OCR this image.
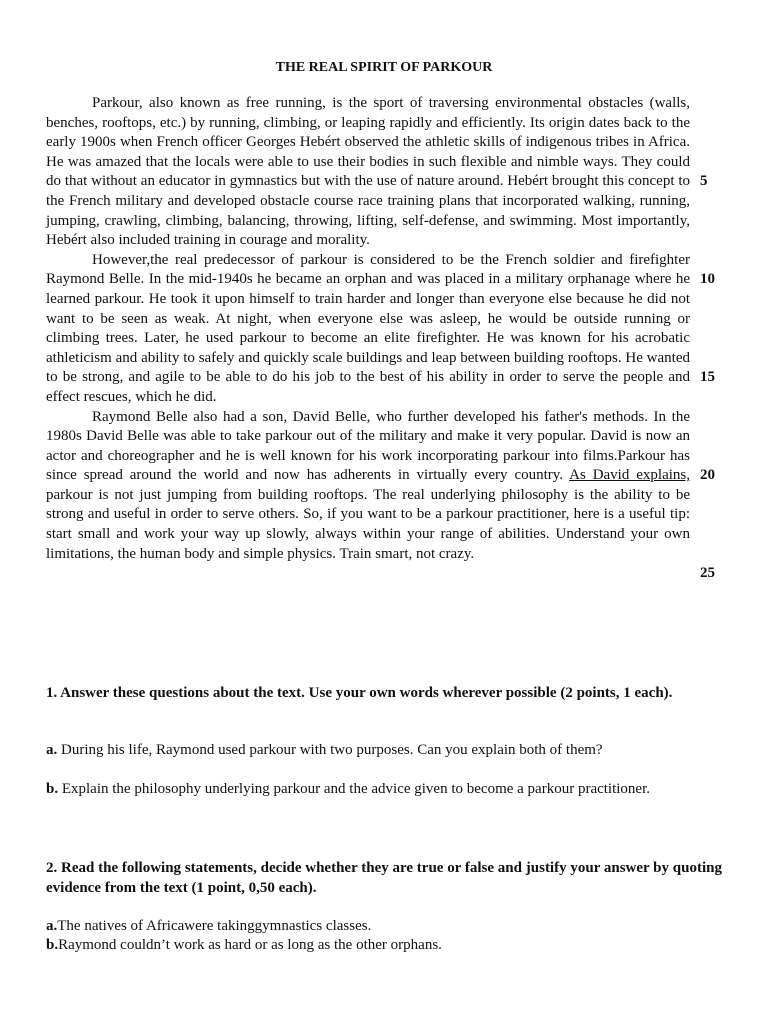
THE REAL SPIRIT OF PARKOUR

Parkour, also known as free running, is the sport of traversing environmental obstacles (walls, benches, rooftops, etc.) by running, climbing, or leaping rapidly and efficiently. Its origin dates back to the early 1900s when French officer Georges Hebért observed the athletic skills of indigenous tribes in Africa. He was amazed that the locals were able to use their bodies in such flexible and nimble ways. They could do that without an educator in gymnastics but with the use of nature around. Hebért brought this concept to the French military and developed obstacle course race training plans that incorporated walking, running, jumping, crawling, climbing, balancing, throwing, lifting, self-defense, and swimming. Most importantly, Hebért also included training in courage and morality.

However,the real predecessor of parkour is considered to be the French soldier and firefighter Raymond Belle. In the mid-1940s he became an orphan and was placed in a military orphanage where he learned parkour. He took it upon himself to train harder and longer than everyone else because he did not want to be seen as weak. At night, when everyone else was asleep, he would be outside running or climbing trees. Later, he used parkour to become an elite firefighter. He was known for his acrobatic athleticism and ability to safely and quickly scale buildings and leap between building rooftops. He wanted to be strong, and agile to be able to do his job to the best of his ability in order to serve the people and effect rescues, which he did.

Raymond Belle also had a son, David Belle, who further developed his father's methods. In the 1980s David Belle was able to take parkour out of the military and make it very popular. David is now an actor and choreographer and he is well known for his work incorporating parkour into films.Parkour has since spread around the world and now has adherents in virtually every country. As David explains, parkour is not just jumping from building rooftops. The real underlying philosophy is the ability to be strong and useful in order to serve others. So, if you want to be a parkour practitioner, here is a useful tip: start small and work your way up slowly, always within your range of abilities. Understand your own limitations, the human body and simple physics. Train smart, not crazy.

5
10
15
20
25
1. Answer these questions about the text. Use your own words wherever possible (2 points, 1 each).
a. During his life, Raymond used parkour with two purposes. Can you explain both of them?
b. Explain the philosophy underlying parkour and the advice given to become a parkour practitioner.
2. Read the following statements, decide whether they are true or false and justify your answer by quoting evidence from the text (1 point, 0,50 each).
a.The natives of Africawere takinggymnastics classes.
b.Raymond couldn’t work as hard or as long as the other orphans.
